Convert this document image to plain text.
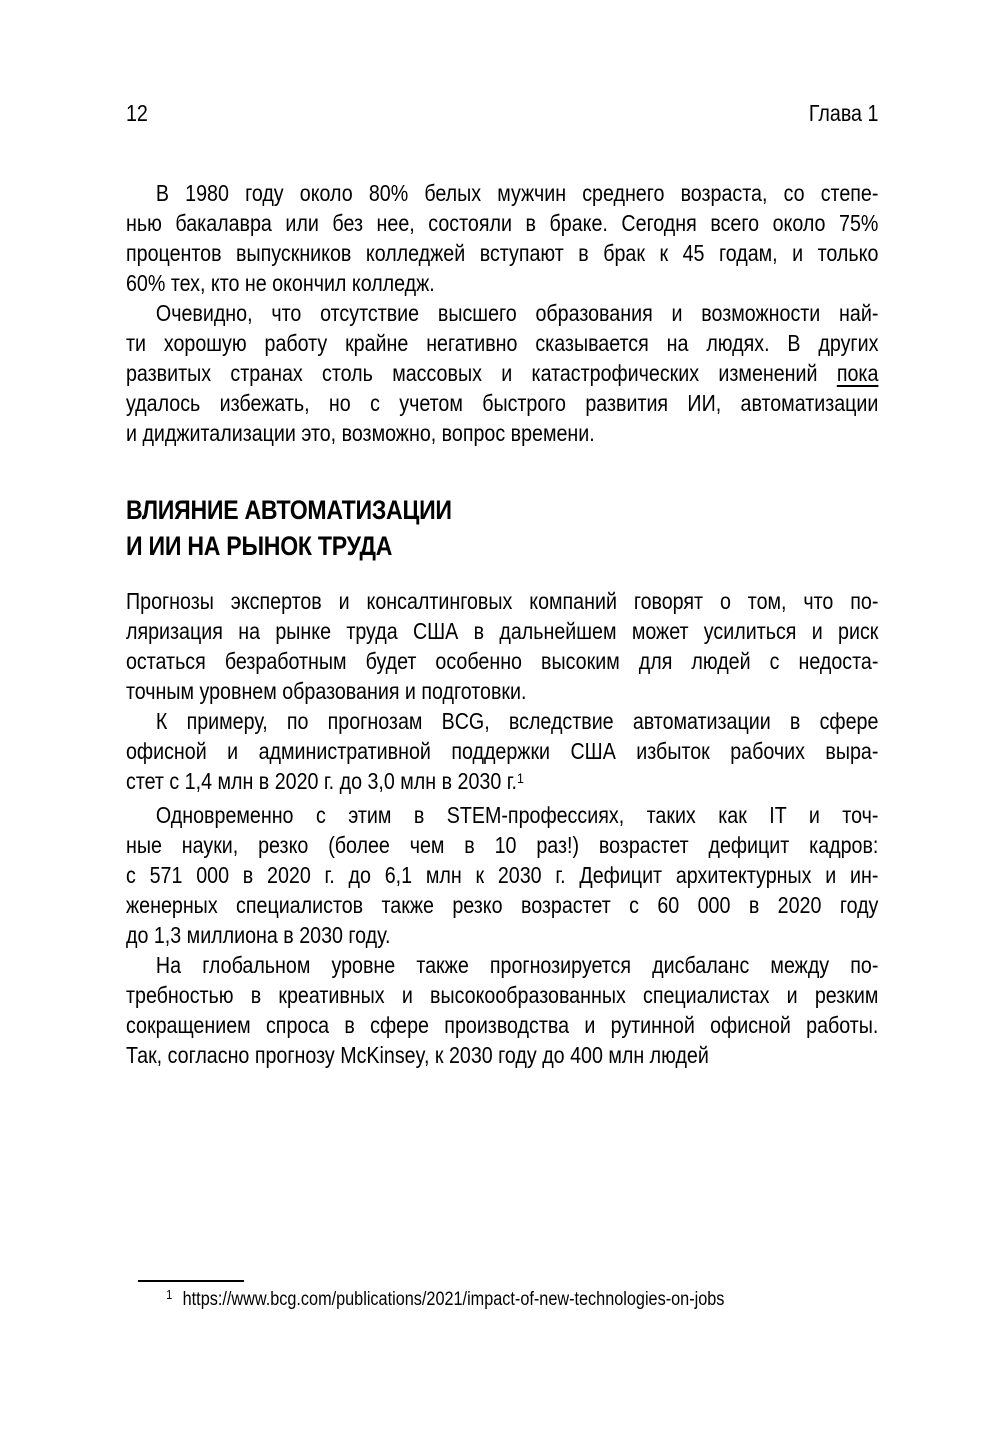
12	Глава 1
В 1980 году около 80% белых мужчин среднего возраста, со степе-
нью бакалавра или без нее, состояли в браке. Сегодня всего около 75%
процентов выпускников колледжей вступают в брак к 45 годам, и только
60% тех, кто не окончил колледж.
Очевидно, что отсутствие высшего образования и возможности най-
ти хорошую работу крайне негативно сказывается на людях. В других
развитых странах столь массовых и катастрофических изменений пока
удалось избежать, но с учетом быстрого развития ИИ, автоматизации
и диджитализации это, возможно, вопрос времени.
ВЛИЯНИЕ АВТОМАТИЗАЦИИ
И ИИ НА РЫНОК ТРУДА
Прогнозы экспертов и консалтинговых компаний говорят о том, что по-
ляризация на рынке труда США в дальнейшем может усилиться и риск
остаться безработным будет особенно высоким для людей с недоста-
точным уровнем образования и подготовки.
К примеру, по прогнозам BCG, вследствие автоматизации в сфере
офисной и административной поддержки США избыток рабочих выра-
стет с 1,4 млн в 2020 г. до 3,0 млн в 2030 г.$^1$
Одновременно с этим в STEM-профессиях, таких как IT и точ-
ные науки, резко (более чем в 10 раз!) возрастет дефицит кадров:
с 571 000 в 2020 г. до 6,1 млн к 2030 г. Дефицит архитектурных и ин-
женерных специалистов также резко возрастет с 60 000 в 2020 году
до 1,3 миллиона в 2030 году.
На глобальном уровне также прогнозируется дисбаланс между по-
требностью в креативных и высокообразованных специалистах и резким
сокращением спроса в сфере производства и рутинной офисной работы.
Так, согласно прогнозу McKinsey, к 2030 году до 400 млн людей
$^1$ https://www.bcg.com/publications/2021/impact-of-new-technologies-on-jobs
